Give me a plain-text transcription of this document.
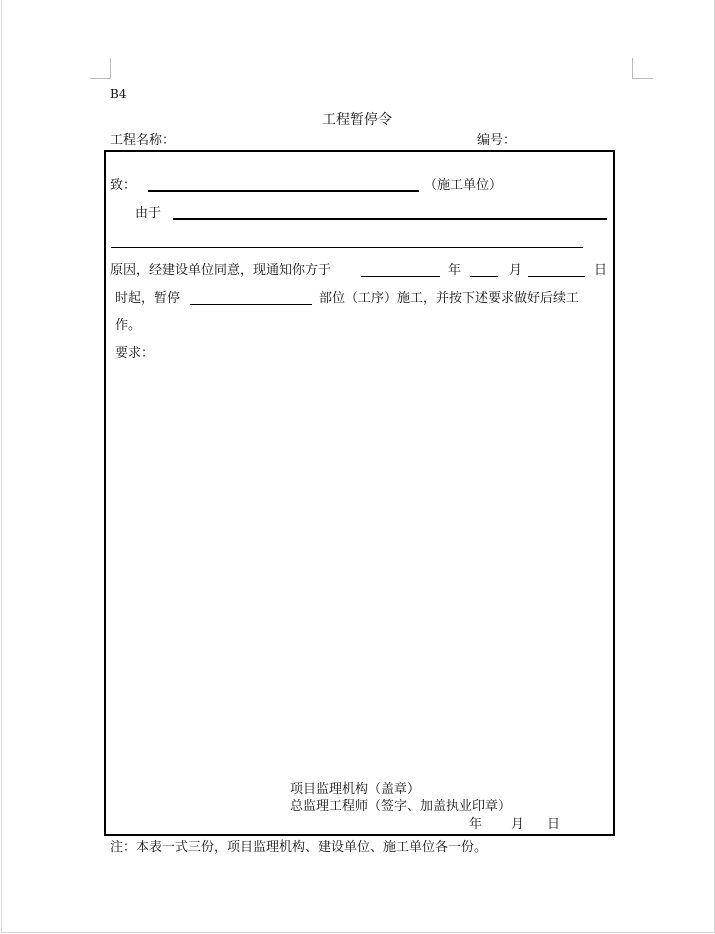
B4
工程暂停令
工程名称：	编号：
致：	（施工单位）
由于
原因，经建设单位同意，现通知你方于	年	月	日
时起，暂停	部位（工序）施工，并按下述要求做好后续工
作。
要求：
项目监理机构（盖章）
总监理工程师（签字、加盖执业印章）
年 月 日
注：本表一式三份，项目监理机构、建设单位、施工单位各一份。
